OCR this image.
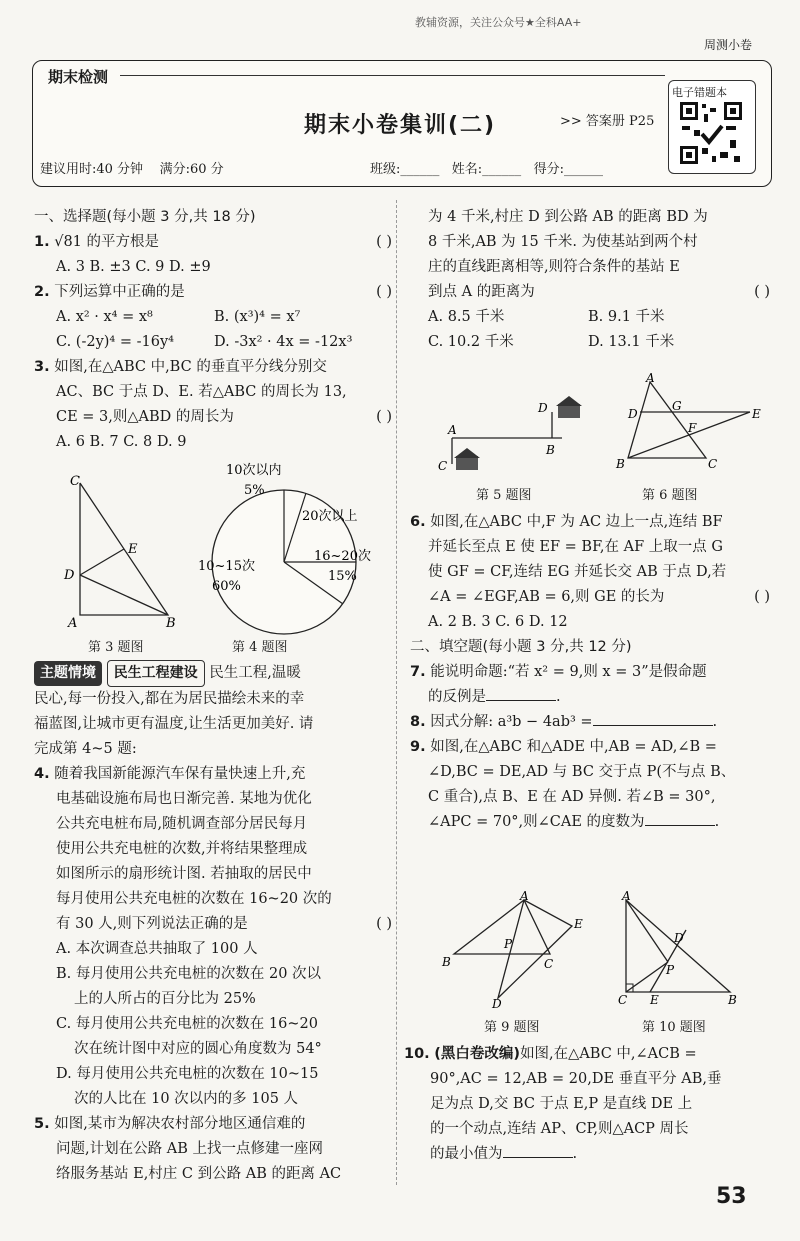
教辅资源，关注公众号★全科AA+
周测小卷
期末检测
期末小卷集训(二)	>> 答案册 P25
电子错题本
建议用时:40 分钟 满分:60 分	班级:______ 姓名:______ 得分:______

一、选择题(每小题 3 分,共 18 分)

1. √81 的平方根是	( )

A. 3 B. ±3 C. 9 D. ±9

2. 下列运算中正确的是	( )

A. x² · x⁴ = x⁸	B. (x³)⁴ = x⁷

C. (-2y)⁴ = -16y⁴	D. -3x² · 4x = -12x³

3. 如图,在△ABC 中,BC 的垂直平分线分别交

AC、BC 于点 D、E. 若△ABC 的周长为 13,

CE = 3,则△ABD 的周长为	( )

A. 6 B. 7 C. 8 D. 9

C
E
D
A	B
第 3 题图
10次以内
5%
20次以上
16~20次
15%
10~15次
60%
第 4 题图

主题情境 民生工程建设 民生工程,温暖

民心,每一份投入,都在为居民描绘未来的幸

福蓝图,让城市更有温度,让生活更加美好. 请

完成第 4~5 题:

4. 随着我国新能源汽车保有量快速上升,充

电基础设施布局也日渐完善. 某地为优化

公共充电桩布局,随机调查部分居民每月

使用公共充电桩的次数,并将结果整理成

如图所示的扇形统计图. 若抽取的居民中

每月使用公共充电桩的次数在 16~20 次的

有 30 人,则下列说法正确的是	( )

A. 本次调查总共抽取了 100 人

B. 每月使用公共充电桩的次数在 20 次以

上的人所占的百分比为 25%

C. 每月使用公共充电桩的次数在 16~20

次在统计图中对应的圆心角度数为 54°

D. 每月使用公共充电桩的次数在 10~15

次的人比在 10 次以内的多 105 人

5. 如图,某市为解决农村部分地区通信难的

问题,计划在公路 AB 上找一点修建一座网

络服务基站 E,村庄 C 到公路 AB 的距离 AC

为 4 千米,村庄 D 到公路 AB 的距离 BD 为

8 千米,AB 为 15 千米. 为使基站到两个村

庄的直线距离相等,则符合条件的基站 E

到点 A 的距离为	( )

A. 8.5 千米	B. 9.1 千米

C. 10.2 千米	D. 13.1 千米

A
B
C
D
第 5 题图
A
D
G
F
E
B	C
第 6 题图

6. 如图,在△ABC 中,F 为 AC 边上一点,连结 BF

并延长至点 E 使 EF = BF,在 AF 上取一点 G

使 GF = CF,连结 EG 并延长交 AB 于点 D,若

∠A = ∠EGF,AB = 6,则 GE 的长为	( )

A. 2 B. 3 C. 6 D. 12

二、填空题(每小题 3 分,共 12 分)

7. 能说明命题:“若 x² = 9,则 x = 3”是假命题

的反例是	.

8. 因式分解: a³b − 4ab³ =	.

9. 如图,在△ABC 和△ADE 中,AB = AD,∠B =

∠D,BC = DE,AD 与 BC 交于点 P(不与点 B、

C 重合),点 B、E 在 AD 异侧. 若∠B = 30°,

∠APC = 70°,则∠CAE 的度数为	.

A
B	C
D
E
P
第 9 题图
A
D
P
C E	B
第 10 题图

10. (黑白卷改编)如图,在△ABC 中,∠ACB =

90°,AC = 12,AB = 20,DE 垂直平分 AB,垂

足为点 D,交 BC 于点 E,P 是直线 DE 上

的一个动点,连结 AP、CP,则△ACP 周长

的最小值为	.

53
